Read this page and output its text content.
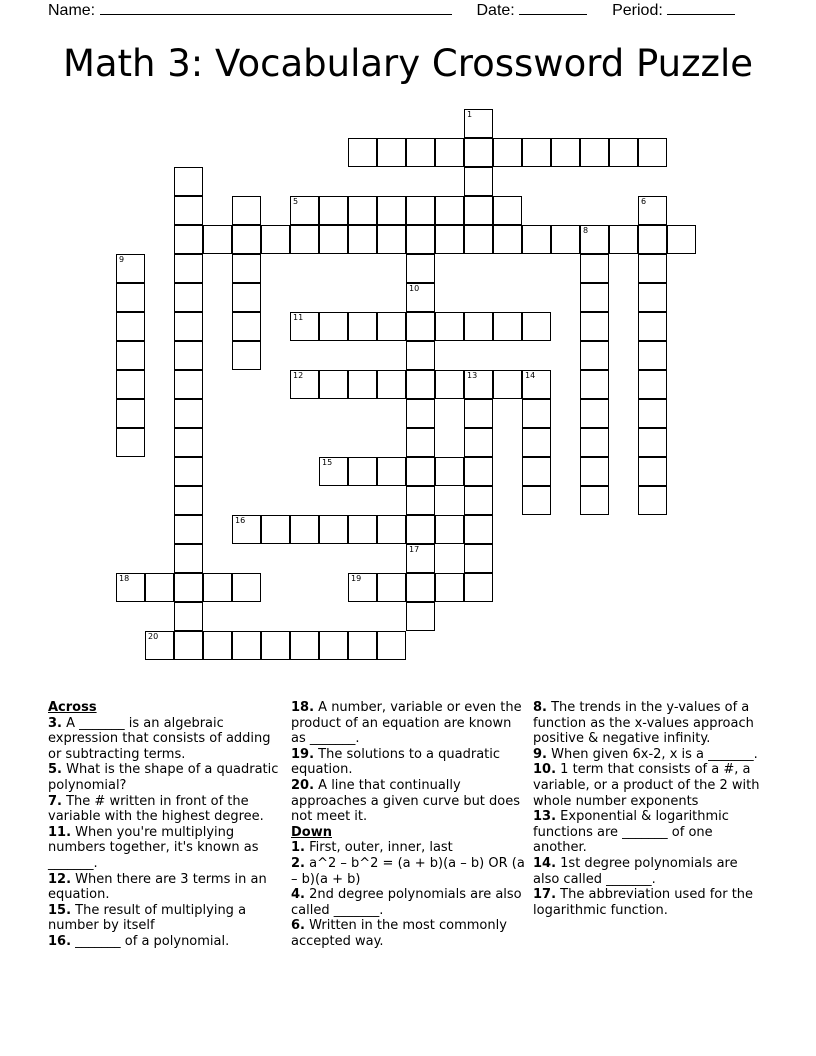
Name:	Date:	Period:
Math 3: Vocabulary Crossword Puzzle
5
8
11
12	13	14
15
16
18	19
20
1
6
9
10
17
Across
3. A _______ is an algebraic expression that consists of adding or subtracting terms.
5. What is the shape of a quadratic polynomial?
7. The # written in front of the variable with the highest degree.
11. When you're multiplying numbers together, it's known as _______.
12. When there are 3 terms in an equation.
15. The result of multiplying a number by itself
16. _______ of a polynomial.
18. A number, variable or even the product of an equation are known as _______.
19. The solutions to a quadratic equation.
20. A line that continually approaches a given curve but does not meet it.
Down
1. First, outer, inner, last
2. a^2 – b^2 = (a + b)(a – b) OR (a – b)(a + b)
4. 2nd degree polynomials are also called _______.
6. Written in the most commonly accepted way.
8. The trends in the y-values of a function as the x-values approach positive & negative infinity.
9. When given 6x-2, x is a _______.
10. 1 term that consists of a #, a variable, or a product of the 2 with whole number exponents
13. Exponential & logarithmic functions are _______ of one another.
14. 1st degree polynomials are also called _______.
17. The abbreviation used for the logarithmic function.
